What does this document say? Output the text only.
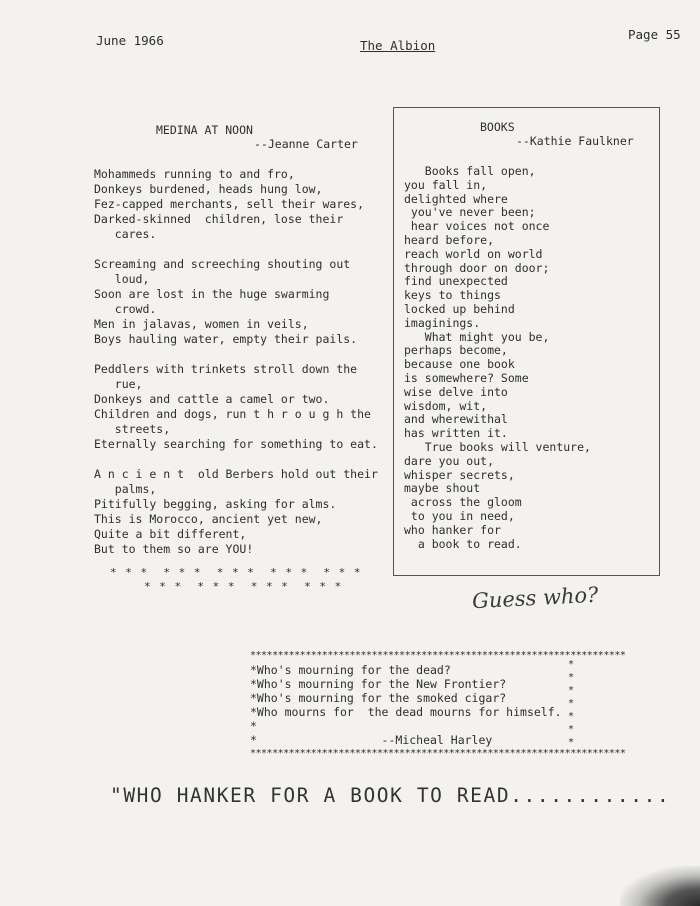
June 1966	The Albion
Page 55

MEDINA AT NOON

--Jeanne Carter

Mohammeds running to and fro,
Donkeys burdened, heads hung low,
Fez-capped merchants, sell their wares,
Darked-skinned  children, lose their
cares.
Screaming and screeching shouting out
loud,
Soon are lost in the huge swarming
crowd.
Men in jalavas, women in veils,
Boys hauling water, empty their pails.
Peddlers with trinkets stroll down the
rue,
Donkeys and cattle a camel or two.
Children and dogs, run t h r o u g h the
streets,
Eternally searching for something to eat.
A n c i e n t  old Berbers hold out their
palms,
Pitifully begging, asking for alms.
This is Morocco, ancient yet new,
Quite a bit different,
But to them so are YOU!

BOOKS

--Kathie Faulkner

Books fall open,
you fall in,
delighted where
you've never been;
hear voices not once
heard before,
reach world on world
through door on door;
find unexpected
keys to things
locked up behind
imaginings.
What might you be,
perhaps become,
because one book
is somewhere? Some
wise delve into
wisdom, wit,
and wherewithal
has written it.
True books will venture,
dare you out,
whisper secrets,
maybe shout
across the gloom
to you in need,
who hanker for
a book to read.

* * *  * * *  * * *  * * *  * * *

* * *  * * *  * * *  * * *	Guess who?

********************************************************************

*Who's mourning for the dead?
*Who's mourning for the New Frontier?
*Who's mourning for the smoked cigar?
*Who mourns for  the dead mourns for himself.
*
*                  --Micheal Harley

*
*
*
*
*
*
*

********************************************************************

"WHO HANKER FOR A BOOK TO READ............
